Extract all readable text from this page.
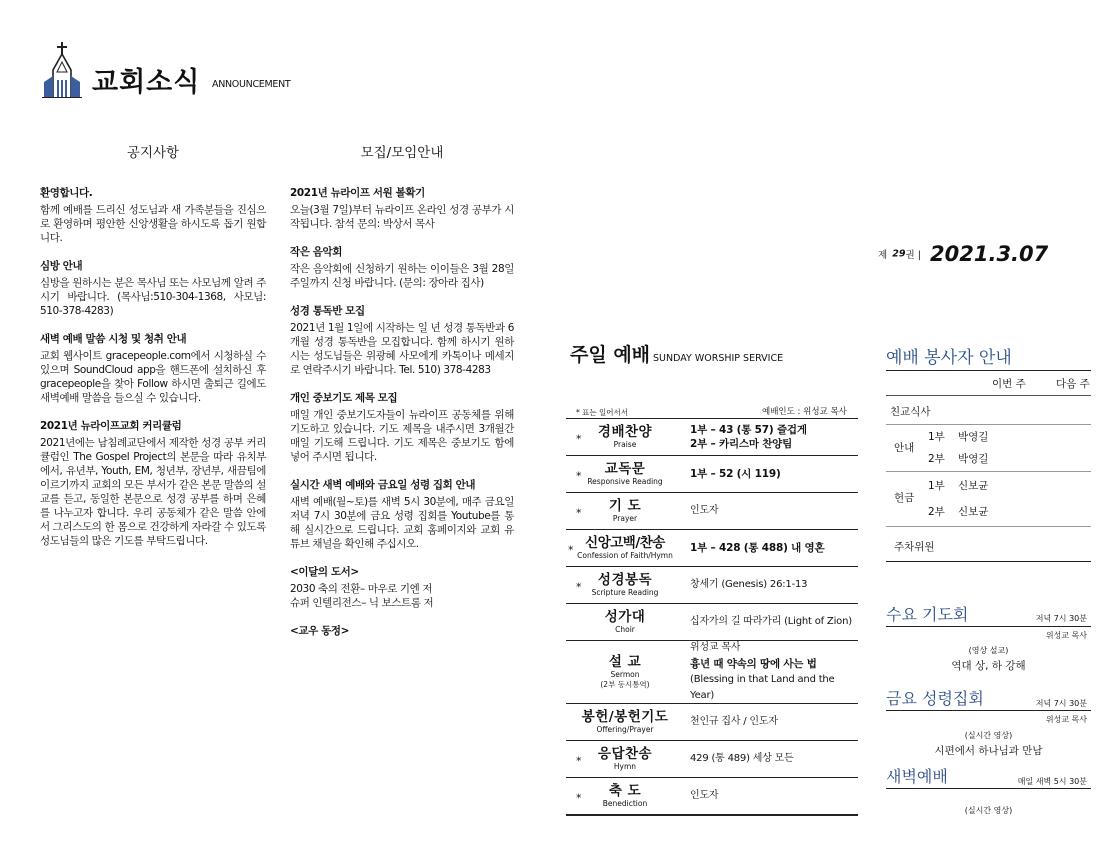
교회소식 ANNOUNCEMENT
공지사항
환영합니다.

함께 예배를 드리신 성도님과 새 가족분들을 진심으로 환영하며 평안한 신앙생활을 하시도록 돕기 원합니다.

심방 안내

심방을 원하시는 분은 목사님 또는 사모님께 알려 주시기 바랍니다. (목사님:510-304-1368, 사모님: 510-378-4283)

새벽 예배 말씀 시청 및 청취 안내

교회 웹사이트 gracepeople.com에서 시청하실 수 있으며 SoundCloud app을 핸드폰에 설치하신 후 gracepeople을 찾아 Follow 하시면 출퇴근 길에도 새벽예배 말씀을 들으실 수 있습니다.

2021년 뉴라이프교회 커리큘럼

2021년에는 남침례교단에서 제작한 성경 공부 커리큘럼인 The Gospel Project의 본문을 따라 유치부에서, 유년부, Youth, EM, 청년부, 장년부, 새끔팀에 이르기까지 교회의 모든 부서가 같은 본문 말씀의 설교를 듣고, 동일한 본문으로 성경 공부를 하며 은혜를 나누고자 합니다. 우리 공동체가 같은 말씀 안에서 그리스도의 한 몸으로 건강하게 자라갈 수 있도록 성도님들의 많은 기도를 부탁드립니다.

모집/모임안내
2021년 뉴라이프 서원 볼확기

오늘(3월 7일)부터 뉴라이프 온라인 성경 공부가 시작됩니다. 참석 문의: 박상서 목사

작은 음악회

작은 음악회에 신청하기 원하는 이이들은 3월 28일 주일까지 신청 바랍니다. (문의: 장아라 집사)

성경 통독반 모집

2021년 1월 1일에 시작하는 일 년 성경 통독반과 6개월 성경 통독반을 모집합니다. 함께 하시기 원하시는 성도님들은 위광혜 사모에게 카톡이나 메세지로 연락주시기 바랍니다. Tel. 510) 378-4283

개인 중보기도 제목 모집

매일 개인 중보기도자들이 뉴라이프 공동체를 위해 기도하고 있습니다. 기도 제목을 내주시면 3개월간 매일 기도해 드립니다. 기도 제목은 중보기도 함에 넣어 주시면 됩니다.

실시간 새벽 예배와 금요일 성령 집회 안내

새벽 예배(월~토)를 새벽 5시 30분에, 매주 금요일 저녁 7시 30분에 금요 성령 집회를 Youtube를 통해 실시간으로 드립니다. 교회 홈페이지와 교회 유튜브 채널을 확인해 주십시오.

<이달의 도서>

2030 축의 전환– 마우로 기엔 저
슈퍼 인텔리전스– 닉 보스트롬 저

<교우 동정>

제 29권 | 2021.3.07
주일 예배 SUNDAY WORSHIP SERVICE
* 표는 일어서서	예배인도 : 위성교 목사
*	경배찬양
Praise
1부 – 43 (통 57) 즐겁게
2부 – 카리스마 찬양팀
*	교독문
Responsive Reading
1부 – 52 (시 119)
*	기 도
Prayer
인도자
* 신앙고백/찬송
Confession of Faith/Hymn
1부 – 428 (통 488) 내 영혼
*	성경봉독
Scripture Reading
창세기 (Genesis) 26:1-13
성가대
Choir
십자가의 길 따라가리 (Light of Zion)
설 교
Sermon
(2부 동시통역)
위성교 목사
흉년 때 약속의 땅에 사는 법
(Blessing in that Land and the Year)
봉헌/봉헌기도
Offering/Prayer
천인규 집사 / 인도자
*	응답찬송
Hymn
429 (통 489) 세상 모든
*	축 도
Benediction
인도자
예배 봉사자 안내
이번 주	다음 주
친교식사
안내
1부 박영길
2부 박영길
헌금
1부 신보균
2부 신보균
주차위원
수요 기도회	저녁 7시 30분
위성교 목사
(영상 설교)
역대 상, 하 강해
금요 성령집회	저녁 7시 30분
위성교 목사
(실시간 영상)
시편에서 하나님과 만남
새벽예배	매일 새벽 5시 30분
(실시간 영상)
